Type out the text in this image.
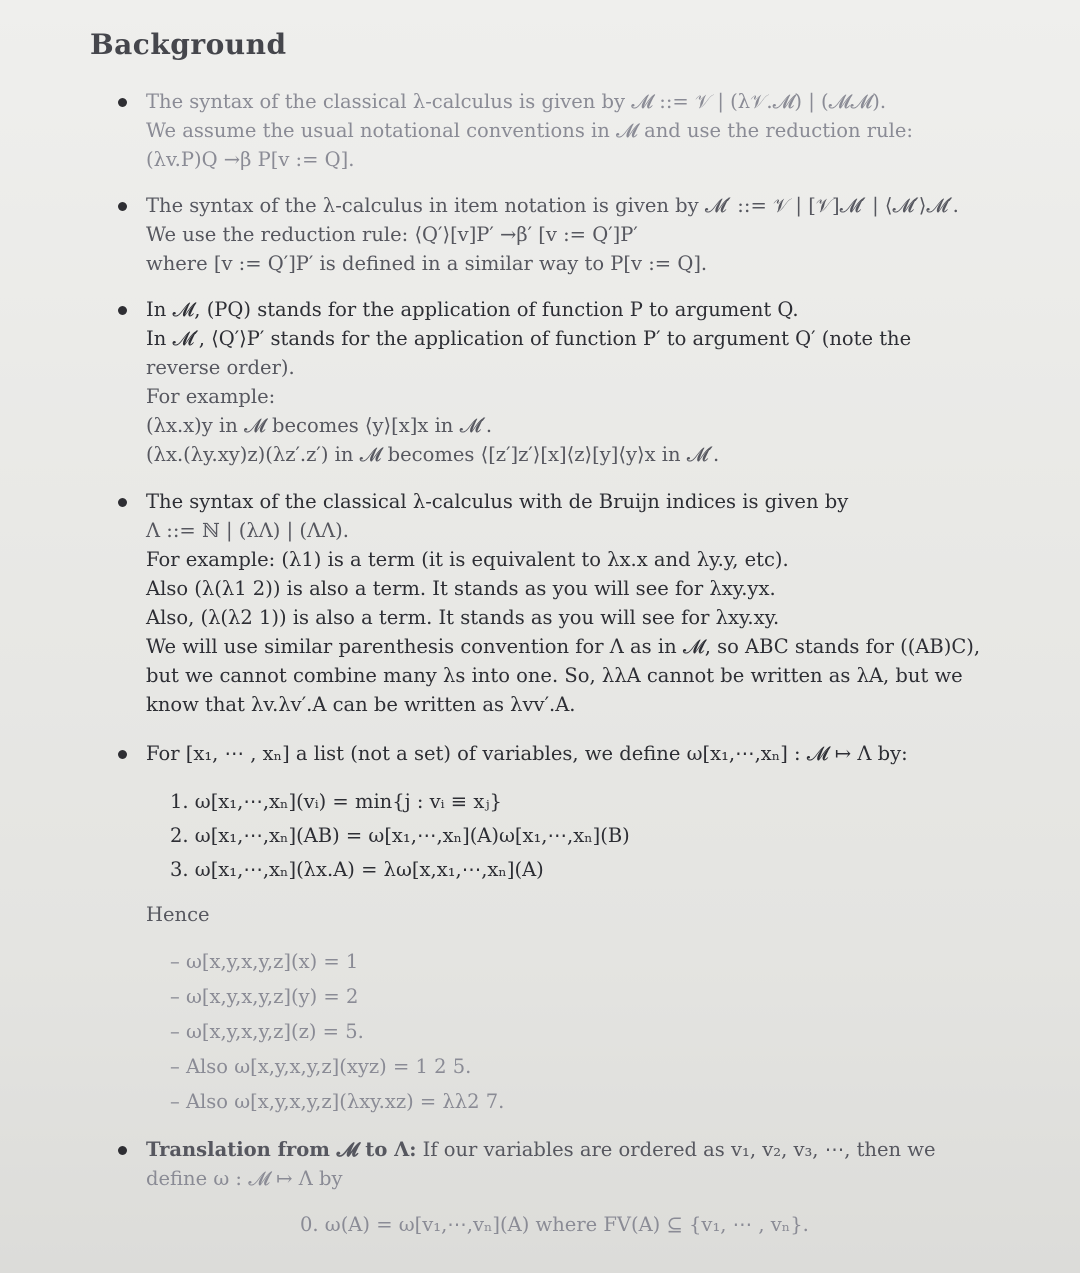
Background
The syntax of the classical λ-calculus is given by 𝓜 ::= 𝒱 | (λ𝒱.𝓜) | (𝓜𝓜).
We assume the usual notational conventions in 𝓜 and use the reduction rule:
(λv.P)Q →β P[v := Q].
The syntax of the λ-calculus in item notation is given by 𝓜′ ::= 𝒱 | [𝒱]𝓜′ | ⟨𝓜′⟩𝓜′.
We use the reduction rule: ⟨Q′⟩[v]P′ →β′ [v := Q′]P′
where [v := Q′]P′ is defined in a similar way to P[v := Q].
In 𝓜, (PQ) stands for the application of function P to argument Q.
In 𝓜′, ⟨Q′⟩P′ stands for the application of function P′ to argument Q′ (note the
reverse order).
For example:
(λx.x)y in 𝓜 becomes ⟨y⟩[x]x in 𝓜′.
(λx.(λy.xy)z)(λz′.z′) in 𝓜 becomes ⟨[z′]z′⟩[x]⟨z⟩[y]⟨y⟩x in 𝓜′.
The syntax of the classical λ-calculus with de Bruijn indices is given by
Λ ::= ℕ | (λΛ) | (ΛΛ).
For example: (λ1) is a term (it is equivalent to λx.x and λy.y, etc).
Also (λ(λ1 2)) is also a term. It stands as you will see for λxy.yx.
Also, (λ(λ2 1)) is also a term. It stands as you will see for λxy.xy.
We will use similar parenthesis convention for Λ as in 𝓜, so ABC stands for ((AB)C),
but we cannot combine many λs into one. So, λλA cannot be written as λA, but we
know that λv.λv′.A can be written as λvv′.A.
For [x₁, ⋯ , xₙ] a list (not a set) of variables, we define ω[x₁,⋯,xₙ] : 𝓜 ↦ Λ by:
1. ω[x₁,⋯,xₙ](vᵢ) = min{j : vᵢ ≡ xⱼ}
2. ω[x₁,⋯,xₙ](AB) = ω[x₁,⋯,xₙ](A)ω[x₁,⋯,xₙ](B)
3. ω[x₁,⋯,xₙ](λx.A) = λω[x,x₁,⋯,xₙ](A)
Hence
– ω[x,y,x,y,z](x) = 1
– ω[x,y,x,y,z](y) = 2
– ω[x,y,x,y,z](z) = 5.
– Also ω[x,y,x,y,z](xyz) = 1 2 5.
– Also ω[x,y,x,y,z](λxy.xz) = λλ2 7.
Translation from 𝓜 to Λ: If our variables are ordered as v₁, v₂, v₃, ⋯, then we
define ω : 𝓜 ↦ Λ by
0. ω(A) = ω[v₁,⋯,vₙ](A) where FV(A) ⊆ {v₁, ⋯ , vₙ}.
